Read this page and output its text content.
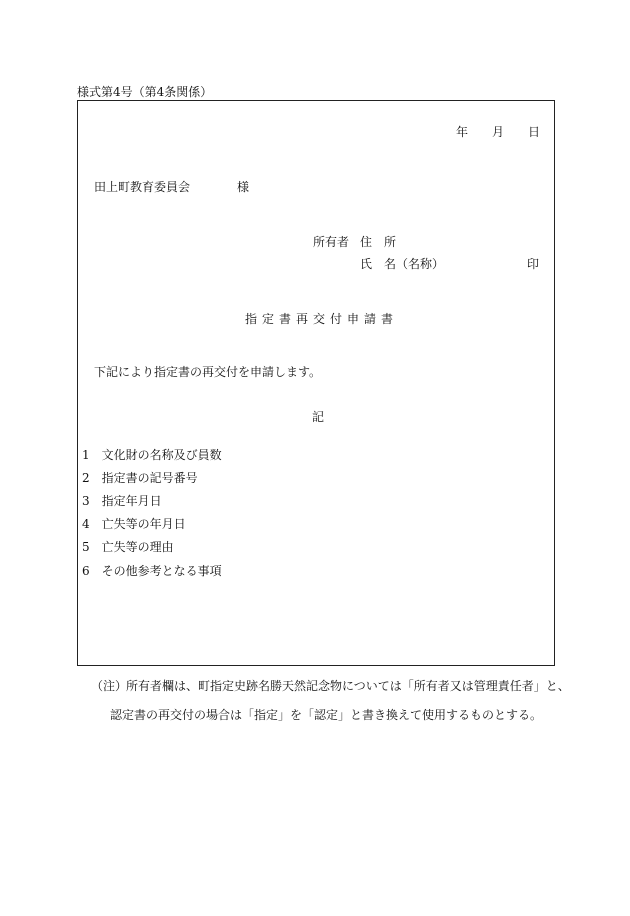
様式第4号（第4条関係）
年 月 日
田上町教育委員会	様
所有者 住　所
氏　名（名称）	印
指定書再交付申請書
下記により指定書の再交付を申請します。
記
1 文化財の名称及び員数
2 指定書の記号番号
3 指定年月日
4 亡失等の年月日
5 亡失等の理由
6 その他参考となる事項
（注）
所有者欄は、町指定史跡名勝天然記念物については「所有者又は管理責任者」と、
認定書の再交付の場合は「指定」を「認定」と書き換えて使用するものとする。
